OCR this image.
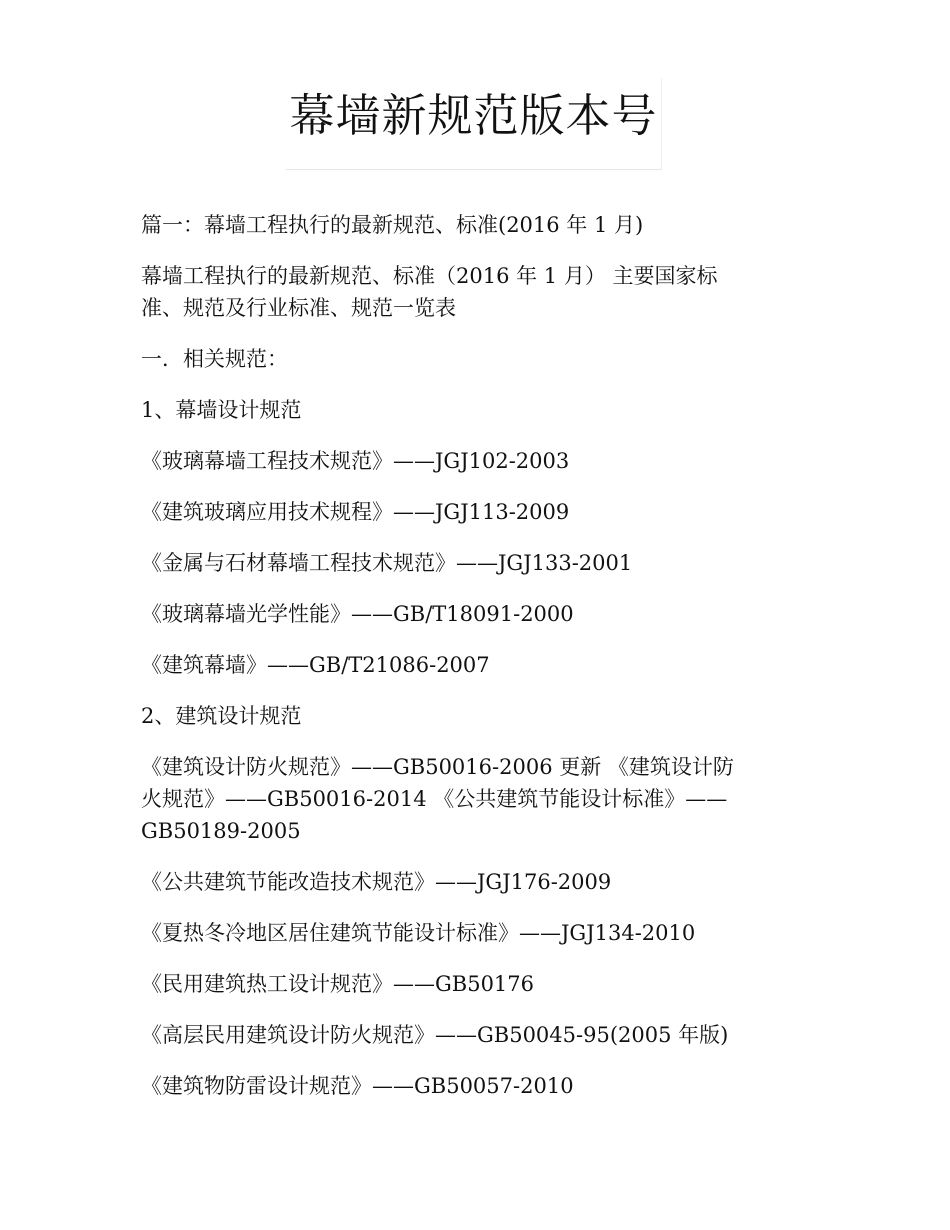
幕墙新规范版本号

篇一：幕墙工程执行的最新规范、标准(2016 年 1 月)

幕墙工程执行的最新规范、标准（2016 年 1 月） 主要国家标
准、规范及行业标准、规范一览表

一．相关规范：

1、幕墙设计规范

《玻璃幕墙工程技术规范》——JGJ102-2003

《建筑玻璃应用技术规程》——JGJ113-2009

《金属与石材幕墙工程技术规范》——JGJ133-2001

《玻璃幕墙光学性能》——GB/T18091-2000

《建筑幕墙》——GB/T21086-2007

2、建筑设计规范

《建筑设计防火规范》——GB50016-2006 更新 《建筑设计防
火规范》——GB50016-2014 《公共建筑节能设计标准》——
GB50189-2005

《公共建筑节能改造技术规范》——JGJ176-2009

《夏热冬冷地区居住建筑节能设计标准》——JGJ134-2010

《民用建筑热工设计规范》——GB50176

《高层民用建筑设计防火规范》——GB50045-95(2005 年版)

《建筑物防雷设计规范》——GB50057-2010
